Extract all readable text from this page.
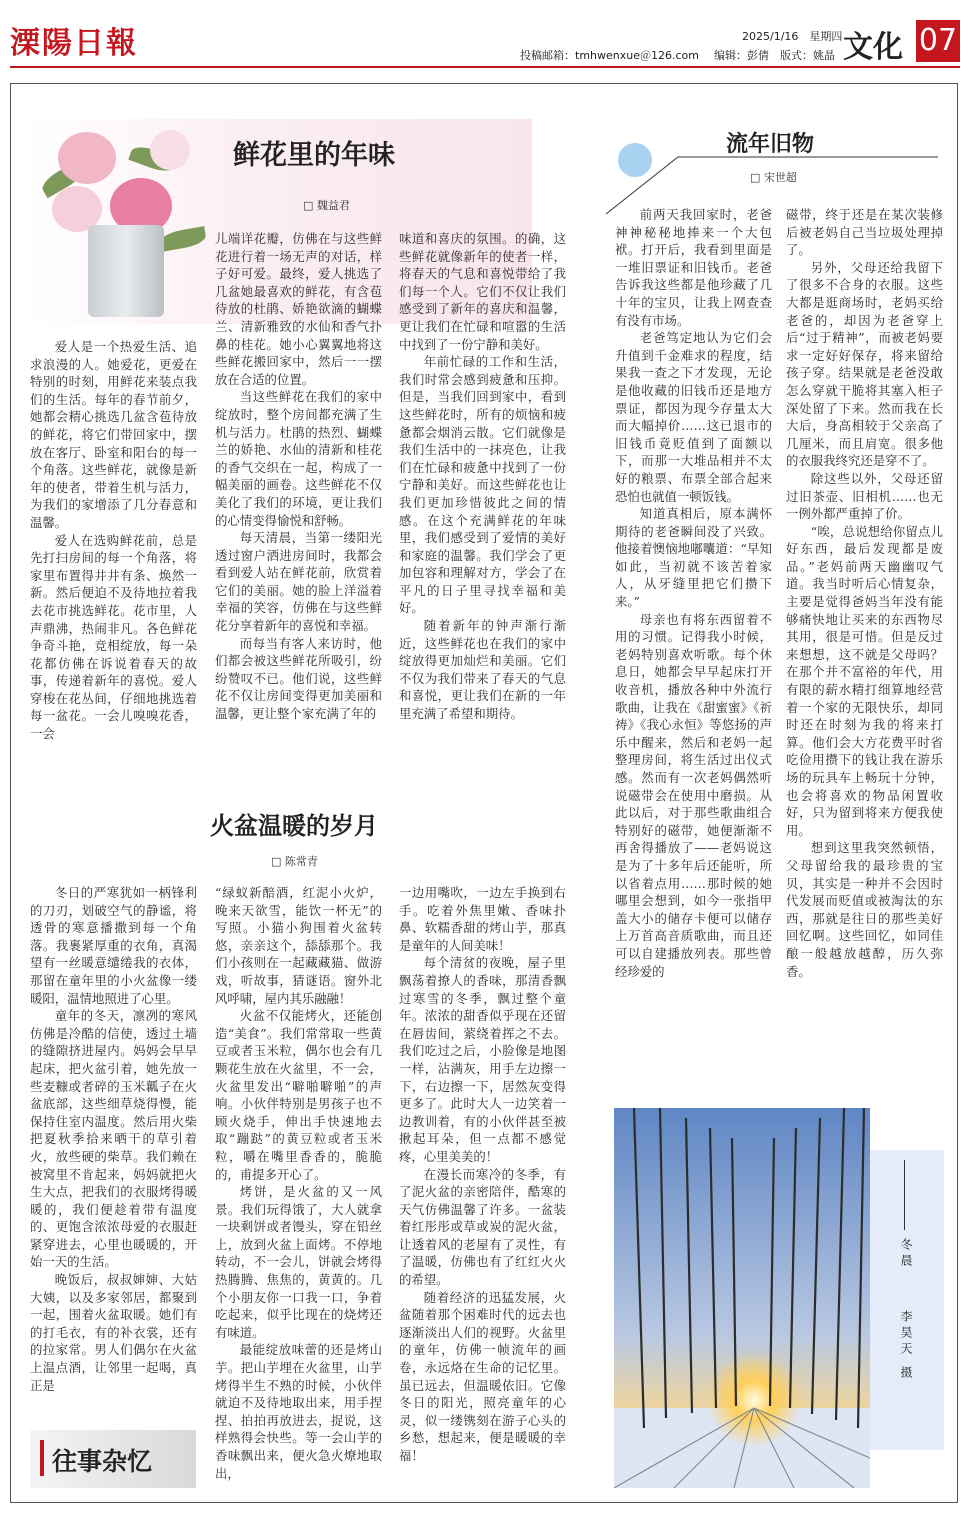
溧陽日報	投稿邮箱：tmhwenxue＠126.com
2025/1/16　星期四
编辑：彭倩　版式：姚晶 文化 07
鲜花里的年味
□ 魏益君

爱人是一个热爱生活、追求浪漫的人。她爱花，更爱在特别的时刻，用鲜花来装点我们的生活。每年的春节前夕，她都会精心挑选几盆含苞待放的鲜花，将它们带回家中，摆放在客厅、卧室和阳台的每一个角落。这些鲜花，就像是新年的使者，带着生机与活力，为我们的家增添了几分春意和温馨。

爱人在选购鲜花前，总是先打扫房间的每一个角落，将家里布置得井井有条、焕然一新。然后便迫不及待地拉着我去花市挑选鲜花。花市里，人声鼎沸，热闹非凡。各色鲜花争奇斗艳，竞相绽放，每一朵花都仿佛在诉说着春天的故事，传递着新年的喜悦。爱人穿梭在花丛间，仔细地挑选着每一盆花。一会儿嗅嗅花香，一会

儿端详花瓣，仿佛在与这些鲜花进行着一场无声的对话，样子好可爱。最终，爱人挑选了几盆她最喜欢的鲜花，有含苞待放的杜鹃、娇艳欲滴的蝴蝶兰、清新雅致的水仙和香气扑鼻的桂花。她小心翼翼地将这些鲜花搬回家中，然后一一摆放在合适的位置。

当这些鲜花在我们的家中绽放时，整个房间都充满了生机与活力。杜鹃的热烈、蝴蝶兰的娇艳、水仙的清新和桂花的香气交织在一起，构成了一幅美丽的画卷。这些鲜花不仅美化了我们的环境，更让我们的心情变得愉悦和舒畅。

每天清晨，当第一缕阳光透过窗户洒进房间时，我都会看到爱人站在鲜花前，欣赏着它们的美丽。她的脸上洋溢着幸福的笑容，仿佛在与这些鲜花分享着新年的喜悦和幸福。

而每当有客人来访时，他们都会被这些鲜花所吸引，纷纷赞叹不已。他们说，这些鲜花不仅让房间变得更加美丽和温馨，更让整个家充满了年的

味道和喜庆的氛围。的确，这些鲜花就像新年的使者一样，将春天的气息和喜悦带给了我们每一个人。它们不仅让我们感受到了新年的喜庆和温馨，更让我们在忙碌和喧嚣的生活中找到了一份宁静和美好。

年前忙碌的工作和生活，我们时常会感到疲惫和压抑。但是，当我们回到家中，看到这些鲜花时，所有的烦恼和疲惫都会烟消云散。它们就像是我们生活中的一抹亮色，让我们在忙碌和疲惫中找到了一份宁静和美好。而这些鲜花也让我们更加珍惜彼此之间的情感。在这个充满鲜花的年味里，我们感受到了爱情的美好和家庭的温馨。我们学会了更加包容和理解对方，学会了在平凡的日子里寻找幸福和美好。

随着新年的钟声渐行渐近，这些鲜花也在我们的家中绽放得更加灿烂和美丽。它们不仅为我们带来了春天的气息和喜悦，更让我们在新的一年里充满了希望和期待。

火盆温暖的岁月
□ 陈常青

冬日的严寒犹如一柄锋利的刀刃，划破空气的静谧，将透骨的寒意播撒到每一个角落。我裹紧厚重的衣角，真渴望有一丝暖意缱绻我的衣体，那留在童年里的小火盆像一缕暖阳，温情地照进了心里。

童年的冬天，凛冽的寒风仿佛是冷酷的信使，透过土墙的缝隙挤进屋内。妈妈会早早起床，把火盆引着，她先放一些麦糠或者碎的玉米瓤子在火盆底部，这些细草烧得慢，能保持住室内温度。然后用火柴把夏秋季拾来晒干的草引着火，放些硬的柴草。我们赖在被窝里不肯起来，妈妈就把火生大点，把我们的衣服烤得暖暖的，我们便趁着带有温度的、更饱含浓浓母爱的衣服赶紧穿进去，心里也暖暖的，开始一天的生活。

晚饭后，叔叔婶婶、大姑大姨，以及多家邻居，都聚到一起，围着火盆取暖。她们有的打毛衣，有的补衣裳，还有的拉家常。男人们偶尔在火盆上温点酒，让邻里一起喝，真正是

“绿蚁新醅酒，红泥小火炉，晚来天欲雪，能饮一杯无”的写照。小猫小狗围着火盆转悠，亲亲这个，舔舔那个。我们小孩则在一起藏藏猫、做游戏，听故事，猜谜语。窗外北风呼啸，屋内其乐融融！

火盆不仅能烤火，还能创造“美食”。我们常常取一些黄豆或者玉米粒，偶尔也会有几颗花生放在火盆里，不一会，火盆里发出“噼啪噼啪”的声响。小伙伴特别是男孩子也不顾火烧手，伸出手快速地去取“蹦跶”的黄豆粒或者玉米粒，嚼在嘴里香香的，脆脆的，甫提多开心了。

烤饼，是火盆的又一风景。我们玩得饿了，大人就拿一块剩饼或者馒头，穿在铅丝上，放到火盆上面烤。不停地转动，不一会儿，饼就会烤得热腾腾、焦焦的，黄黄的。几个小朋友你一口我一口，争着吃起来，似乎比现在的烧烤还有味道。

最能绽放味蕾的还是烤山芋。把山芋埋在火盆里，山芋烤得半生不熟的时候，小伙伴就迫不及待地取出来，用手捏捏、拍拍再放进去，捉说，这样熟得会快些。等一会山芋的香味飘出来，便火急火燎地取出，

一边用嘴吹，一边左手换到右手。吃着外焦里嫩、香味扑鼻、软糯香甜的烤山芋，那真是童年的人间美味！

每个清贫的夜晚，屋子里飘荡着撩人的香味，那清香飘过寒雪的冬季，飘过整个童年。浓浓的甜香似乎现在还留在唇齿间，萦绕着挥之不去。我们吃过之后，小脸像是地图一样，沾满灰，用手左边擦一下，右边擦一下，居然灰变得更多了。此时大人一边笑着一边教训着，有的小伙伴甚至被揪起耳朵，但一点都不感觉疼，心里美美的！

在漫长而寒冷的冬季，有了泥火盆的亲密陪伴，酷寒的天气仿佛温馨了许多。一盆装着红彤彤或草或炭的泥火盆，让透着风的老屋有了灵性，有了温暖，仿佛也有了红红火火的希望。

随着经济的迅猛发展，火盆随着那个困难时代的远去也逐渐淡出人们的视野。火盆里的童年，仿佛一帧流年的画卷，永远烙在生命的记忆里。虽已远去，但温暖依旧。它像冬日的阳光，照亮童年的心灵，似一缕镌刻在游子心头的乡愁，想起来，便是暖暖的幸福！

往事杂忆
流年旧物
□ 宋世超

前两天我回家时，老爸神神秘秘地捧来一个大包袱。打开后，我看到里面是一堆旧票证和旧钱币。老爸告诉我这些都是他珍藏了几十年的宝贝，让我上网查查有没有市场。

老爸笃定地认为它们会升值到千金难求的程度，结果我一查之下才发现，无论是他收藏的旧钱币还是地方票证，都因为现今存量太大而大幅掉价……这已退市的旧钱币竟贬值到了面额以下，而那一大堆品相并不太好的粮票、布票全部合起来恐怕也就值一顿饭钱。

知道真相后，原本满怀期待的老爸瞬间没了兴致。他接着懊恼地嘟囔道：“早知如此，当初就不该苦着家人，从牙缝里把它们攒下来。”

母亲也有将东西留着不用的习惯。记得我小时候，老妈特别喜欢听歌。每个休息日，她都会早早起床打开收音机，播放各种中外流行歌曲，让我在《甜蜜蜜》《祈祷》《我心永恒》等悠扬的声乐中醒来，然后和老妈一起整理房间，将生活过出仪式感。然而有一次老妈偶然听说磁带会在使用中磨损。从此以后，对于那些歌曲组合特别好的磁带，她便渐渐不再舍得播放了——老妈说这是为了十多年后还能听，所以省着点用……那时候的她哪里会想到，如今一张指甲盖大小的储存卡便可以储存上万首高音质歌曲，而且还可以自建播放列表。那些曾经珍爱的

磁带，终于还是在某次装修后被老妈自己当垃圾处理掉了。

另外，父母还给我留下了很多不合身的衣服。这些大都是逛商场时，老妈买给老爸的，却因为老爸穿上后“过于精神”，而被老妈要求一定好好保存，将来留给孩子穿。结果就是老爸没敢怎么穿就干脆将其塞入柜子深处留了下来。然而我在长大后，身高相较于父亲高了几厘米，而且肩宽。很多他的衣服我终究还是穿不了。

除这些以外，父母还留过旧茶壶、旧相机……也无一例外都严重掉了价。

“唉，总说想给你留点儿好东西，最后发现都是废品。”老妈前两天幽幽叹气道。我当时听后心情复杂，主要是觉得爸妈当年没有能够痛快地让买来的东西物尽其用，很是可惜。但是反过来想想，这不就是父母吗？在那个并不富裕的年代，用有限的薪水精打细算地经营着一个家的无限快乐，却同时还在时刻为我的将来打算。他们会大方花费平时省吃俭用攒下的钱让我在游乐场的玩具车上畅玩十分钟，也会将喜欢的物品闲置收好，只为留到将来方便我使用。

想到这里我突然顿悟，父母留给我的最珍贵的宝贝，其实是一种并不会因时代发展而贬值或被淘汰的东西，那就是往日的那些美好回忆啊。这些回忆，如同佳酿一般越放越醇，历久弥香。

冬晨
李昊天 摄
